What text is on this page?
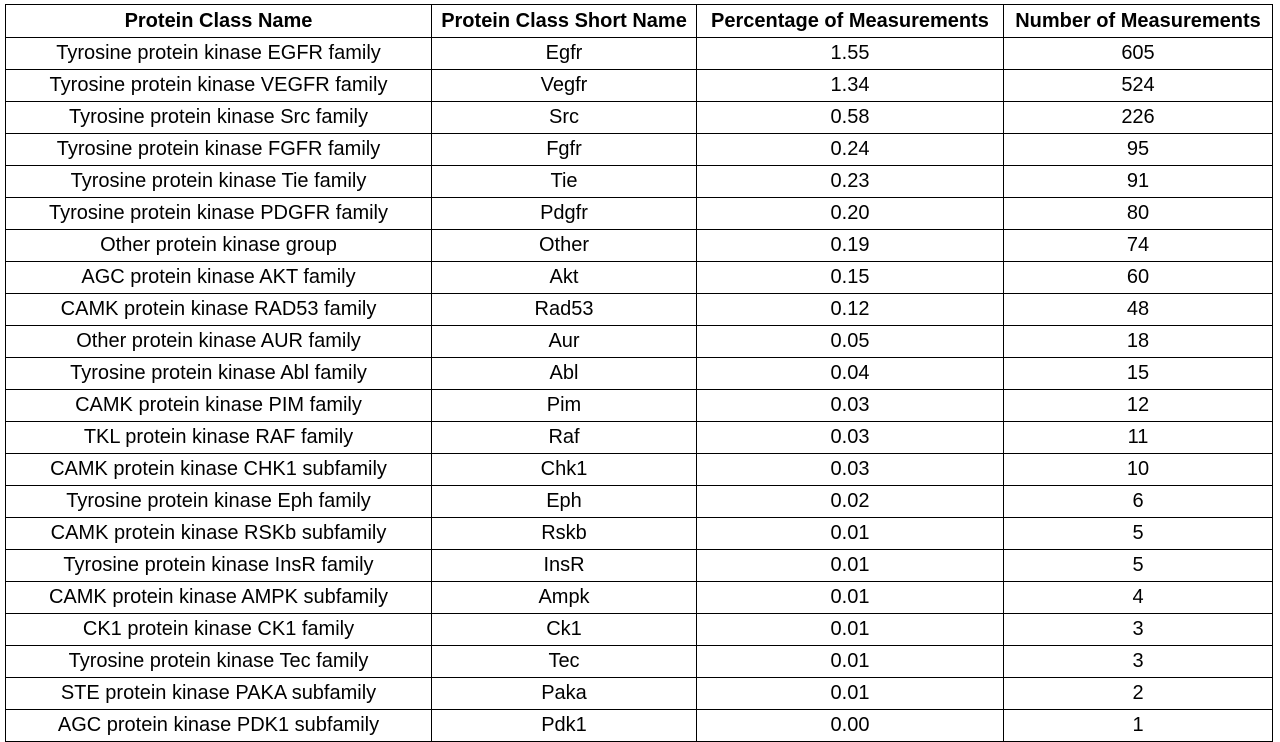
Protein Class Name	Protein Class Short Name	Percentage of Measurements	Number of Measurements
Tyrosine protein kinase EGFR family	Egfr	1.55	605
Tyrosine protein kinase VEGFR family	Vegfr	1.34	524
Tyrosine protein kinase Src family	Src	0.58	226
Tyrosine protein kinase FGFR family	Fgfr	0.24	95
Tyrosine protein kinase Tie family	Tie	0.23	91
Tyrosine protein kinase PDGFR family	Pdgfr	0.20	80
Other protein kinase group	Other	0.19	74
AGC protein kinase AKT family	Akt	0.15	60
CAMK protein kinase RAD53 family	Rad53	0.12	48
Other protein kinase AUR family	Aur	0.05	18
Tyrosine protein kinase Abl family	Abl	0.04	15
CAMK protein kinase PIM family	Pim	0.03	12
TKL protein kinase RAF family	Raf	0.03	11
CAMK protein kinase CHK1 subfamily	Chk1	0.03	10
Tyrosine protein kinase Eph family	Eph	0.02	6
CAMK protein kinase RSKb subfamily	Rskb	0.01	5
Tyrosine protein kinase InsR family	InsR	0.01	5
CAMK protein kinase AMPK subfamily	Ampk	0.01	4
CK1 protein kinase CK1 family	Ck1	0.01	3
Tyrosine protein kinase Tec family	Tec	0.01	3
STE protein kinase PAKA subfamily	Paka	0.01	2
AGC protein kinase PDK1 subfamily	Pdk1	0.00	1
